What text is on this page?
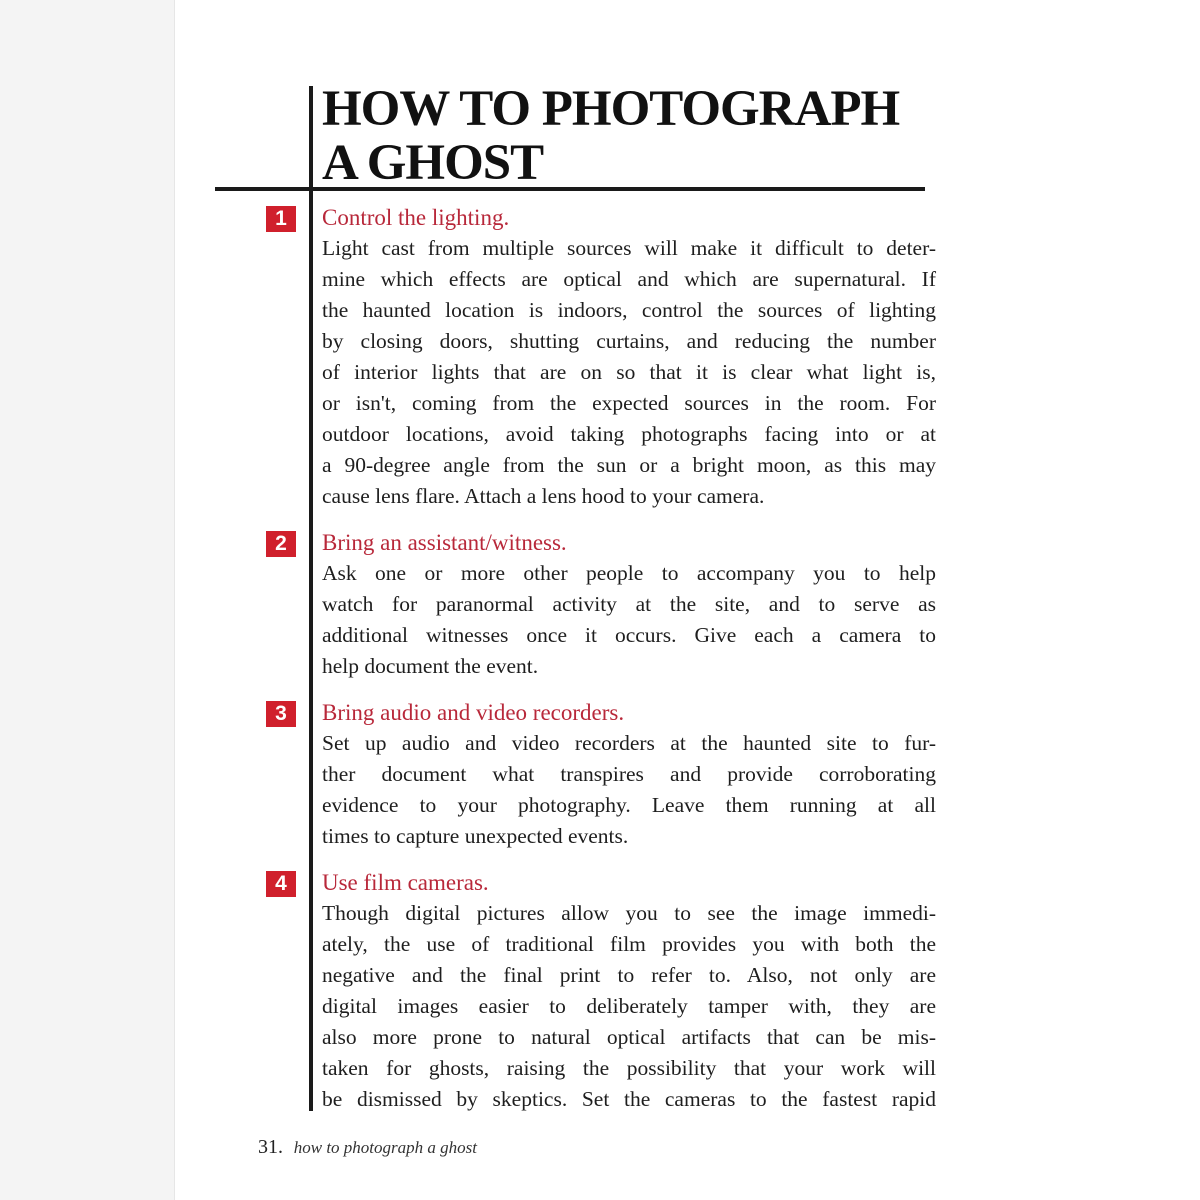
HOW TO PHOTOGRAPH
A GHOST
1	Control the lighting.

Light cast from multiple sources will make it difficult to deter-
mine which effects are optical and which are supernatural. If
the haunted location is indoors, control the sources of lighting
by closing doors, shutting curtains, and reducing the number
of interior lights that are on so that it is clear what light is,
or isn't, coming from the expected sources in the room. For
outdoor locations, avoid taking photographs facing into or at
a 90-degree angle from the sun or a bright moon, as this may
cause lens flare. Attach a lens hood to your camera.

2	Bring an assistant/witness.

Ask one or more other people to accompany you to help
watch for paranormal activity at the site, and to serve as
additional witnesses once it occurs. Give each a camera to
help document the event.

3	Bring audio and video recorders.

Set up audio and video recorders at the haunted site to fur-
ther document what transpires and provide corroborating
evidence to your photography. Leave them running at all
times to capture unexpected events.

4	Use film cameras.

Though digital pictures allow you to see the image immedi-
ately, the use of traditional film provides you with both the
negative and the final print to refer to. Also, not only are
digital images easier to deliberately tamper with, they are
also more prone to natural optical artifacts that can be mis-
taken for ghosts, raising the possibility that your work will
be dismissed by skeptics. Set the cameras to the fastest rapid

31. how to photograph a ghost
